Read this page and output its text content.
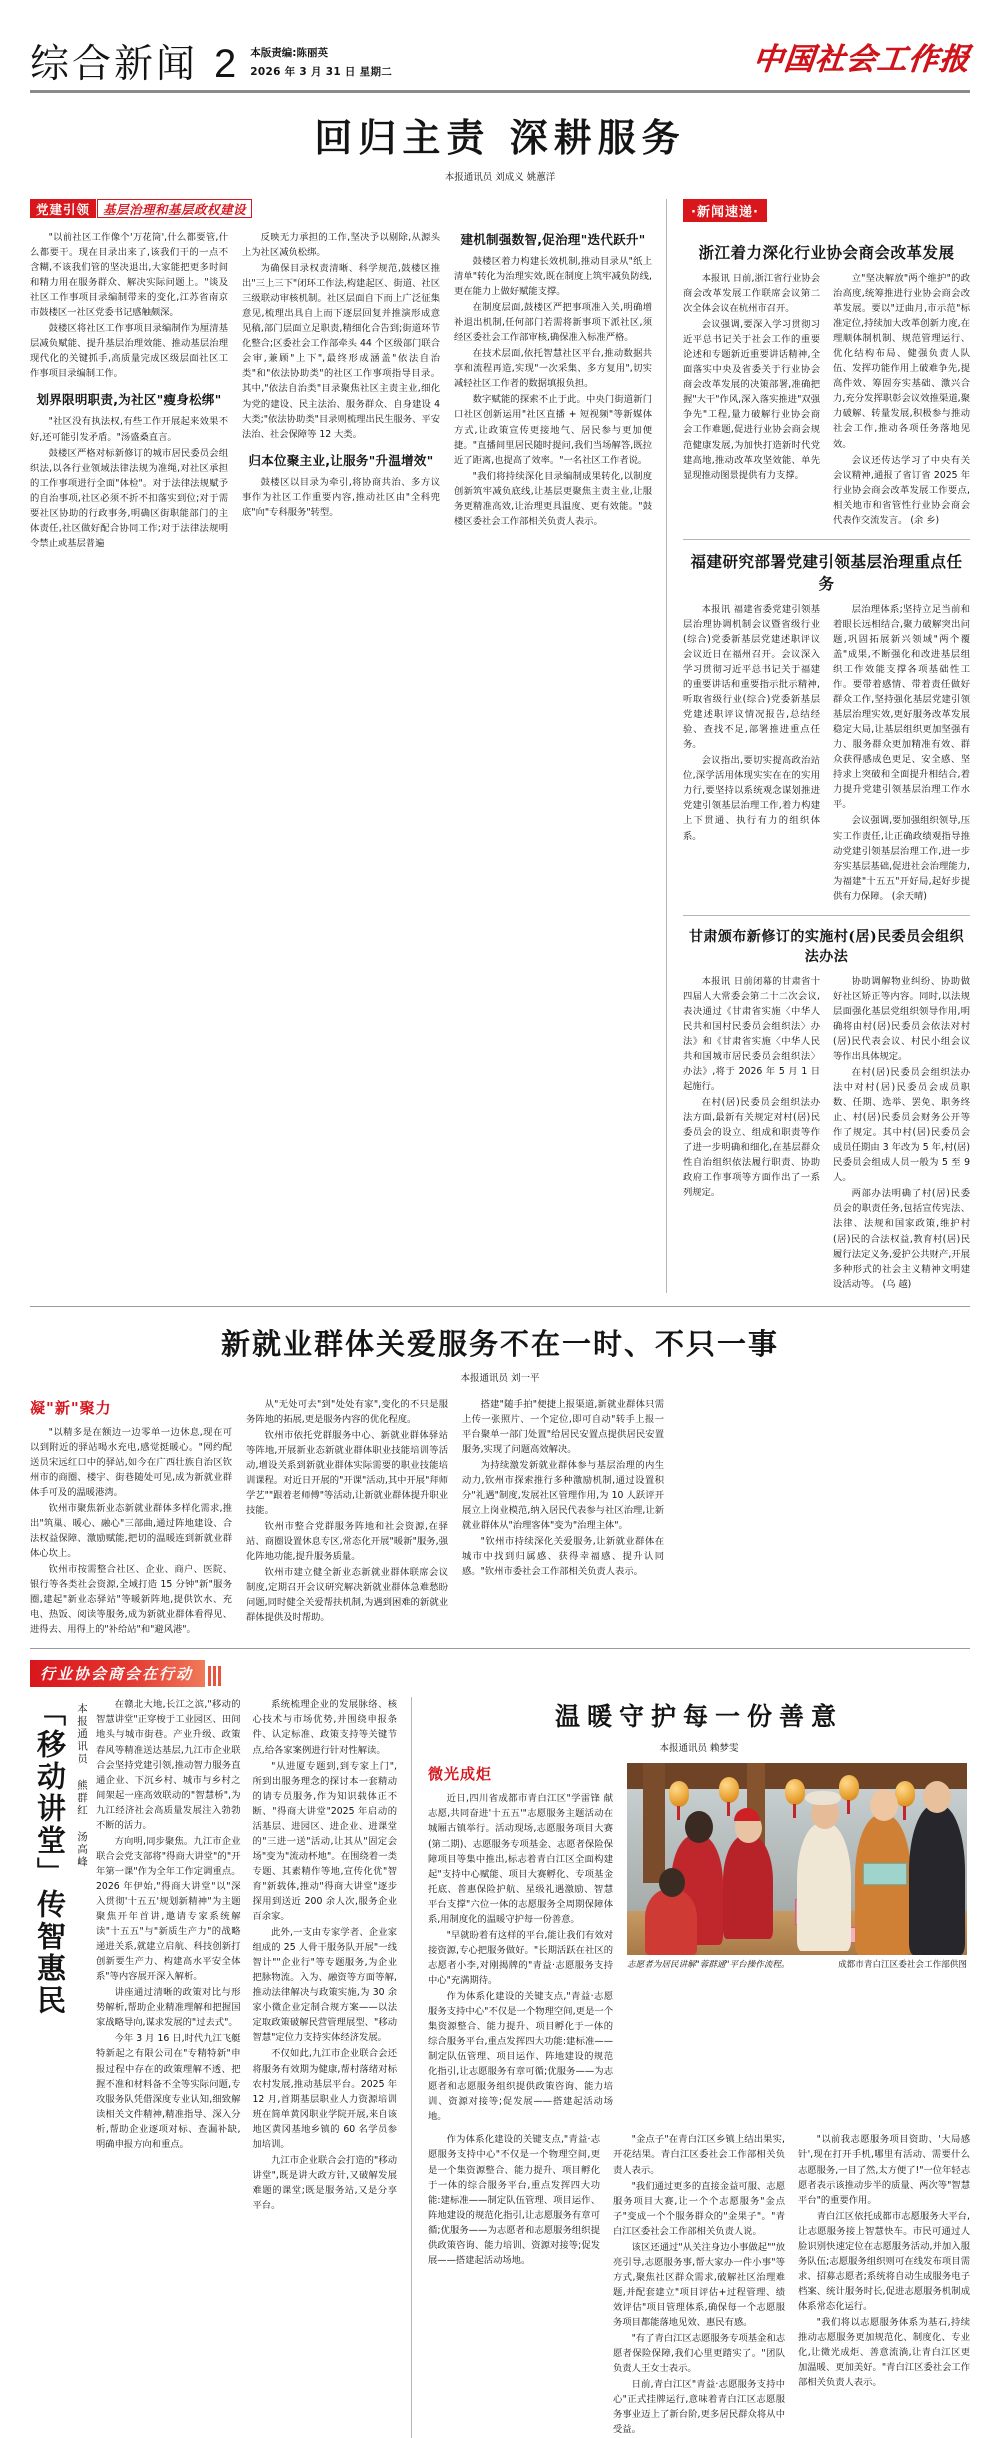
综合新闻 2 本版责编:陈丽英
2026 年 3 月 31 日 星期二	中国社会工作报
回归主责 深耕服务
本报通讯员 刘成义 姚蕙洋
党建引领	基层治理和基层政权建设

"以前社区工作像个'万花筒',什么都要管,什么都要干。现在目录出来了,该我们干的一点不含糊,不该我们管的坚决退出,大家能把更多时间和精力用在服务群众、解决实际问题上。"谈及社区工作事项目录编制带来的变化,江苏省南京市鼓楼区一社区党委书记感触颇深。

鼓楼区将社区工作事项目录编制作为厘清基层减负赋能、提升基层治理效能、推动基层治理现代化的关键抓手,高质量完成区级层面社区工作事项目录编制工作。

划界限明职责,为社区"瘦身松绑"

"社区没有执法权,有些工作开展起来效果不好,还可能引发矛盾。"汤盛桑直言。

鼓楼区严格对标新修订的城市居民委员会组织法,以各行业领域法律法规为准绳,对社区承担的工作事项进行全面"体检"。对于法律法规赋予的自治事项,社区必须不折不扣落实到位;对于需要社区协助的行政事务,明确区街职能部门的主体责任,社区做好配合协同工作;对于法律法规明令禁止或基层普遍

反映无力承担的工作,坚决予以剔除,从源头上为社区减负松绑。

为确保目录权责清晰、科学规范,鼓楼区推出"三上三下"闭环工作法,构建起区、街道、社区三级联动审核机制。社区层面自下而上广泛征集意见,梳理出具自上而下逐层回复并推演形成意见稿,部门层面立足职责,精细化合告到;街道环节化整合;区委社会工作部牵头 44 个区级部门联合会审,兼顾"上下",最终形成涵盖"依法自治类"和"依法协助类"的社区工作事项指导目录。其中,"依法自治类"目录聚焦社区主责主业,细化为党的建设、民主法治、服务群众、自身建设 4 大类;"依法协助类"目录则梳理出民生服务、平安法治、社会保障等 12 大类。

归本位聚主业,让服务"升温增效"

鼓楼区以目录为牵引,将协商共治、多方议事作为社区工作重要内容,推动社区由"全科兜底"向"专科服务"转型。

建机制强数智,促治理"迭代跃升"

鼓楼区着力构建长效机制,推动目录从"纸上清单"转化为治理实效,既在制度上筑牢减负防线,更在能力上做好赋能支撑。

在制度层面,鼓楼区严把事项准入关,明确增补退出机制,任何部门若需将新事项下派社区,须经区委社会工作部审核,确保准入标准严格。

在技术层面,依托智慧社区平台,推动数据共享和流程再造,实现"一次采集、多方复用",切实减轻社区工作者的数据填报负担。

数字赋能的探索不止于此。中央门街道新门口社区创新运用"社区直播 + 短视频"等新媒体方式,让政策宣传更接地气、居民参与更加便捷。"直播间里居民随时提问,我们当场解答,既拉近了距离,也提高了效率。"一名社区工作者说。

"我们将持续深化目录编制成果转化,以制度创新筑牢减负底线,让基层更聚焦主责主业,让服务更精准高效,让治理更具温度、更有效能。"鼓楼区委社会工作部相关负责人表示。

·新闻速递·
浙江着力深化行业协会商会改革发展

本报讯 日前,浙江省行业协会商会改革发展工作联席会议第二次全体会议在杭州市召开。

会议强调,要深入学习贯彻习近平总书记关于社会工作的重要论述和专题新近重要讲话精神,全面落实中央及省委关于行业协会商会改革发展的决策部署,准确把握"大干"作风,深入落实推进"双强争先"工程,量力破解行业协会商会工作难题,促进行业协会商会规范健康发展,为加快打造新时代党建高地,推动改革攻坚效能、单先显现推动图景提供有力支撑。

立"坚决解放"两个维护"的政治高度,统筹推进行业协会商会改革发展。要以"迂曲月,市示范"标准定位,持续加大改革创新力度,在理顺体制机制、规范管理运行、优化结构布局、健强负责人队伍、发挥功能作用上破难争先,提高件效、筹固夯实基础、激兴合力,充分发挥职彰会议效推渠道,聚力破解、转量发展,积极参与推动社会工作,推动各项任务落地见效。

会议还传达学习了中央有关会议精神,通报了省订省 2025 年行业协会商会改革发展工作要点,相关地市和省管性行业协会商会代表作交流发言。 (余 乡)

福建研究部署党建引领基层治理重点任务

本报讯 福建省委党建引领基层治理协调机制会议暨省级行业(综合)党委新基层党建述职评议会议近日在福州召开。会议深入学习贯彻习近平总书记关于福建的重要讲话和重要指示批示精神,听取省级行业(综合)党委新基层党建述职评议情况报告,总结经验、查找不足,部署推进重点任务。

会议指出,要切实提高政治站位,深学活用体现实实在在的实用力行,要坚持以系统观念谋划推进党建引领基层治理工作,着力构建上下贯通、执行有力的组织体系。

层治理体系;坚持立足当前和着眼长远相结合,聚力破解突出问题,巩固拓展新兴领域"两个覆盖"成果,不断强化和改进基层组织工作效能支撑各项基础性工作。要带着感情、带着责任做好群众工作,坚持强化基层党建引领基层治理实效,更好服务改革发展稳定大局,让基层组织更加坚强有力、服务群众更加精准有效、群众获得感成色更足、安全感、坚持求上突破和全面提升相结合,着力提升党建引领基层治理工作水平。

会议强调,要加强组织领导,压实工作责任,让正确政绩观指导推动党建引领基层治理工作,进一步夯实基层基础,促进社会治理能力,为福建"十五五"开好局,起好步提供有力保障。 (余天晴)

甘肃颁布新修订的实施村(居)民委员会组织法办法

本报讯 日前闭幕的甘肃省十四届人大常委会第二十二次会议,表决通过《甘肃省实施〈中华人民共和国村民委员会组织法〉办法》和《甘肃省实施〈中华人民共和国城市居民委员会组织法〉办法》,将于 2026 年 5 月 1 日起施行。

在村(居)民委员会组织法办法方面,最新有关规定对村(居)民委员会的设立、组成和职责等作了进一步明确和细化,在基层群众性自治组织依法履行职责、协助政府工作事项等方面作出了一系列规定。

协助调解物业纠纷、协助做好社区矫正等内容。同时,以法规层面强化基层党组织领导作用,明确将由村(居)民委员会依法对村(居)民代表会议、村民小组会议等作出具体规定。

在村(居)民委员会组织法办法中对村(居)民委员会成员职数、任期、选举、罢免、职务终止、村(居)民委员会财务公开等作了规定。其中村(居)民委员会成员任期由 3 年改为 5 年,村(居)民委员会组成人员一般为 5 至 9 人。

两部办法明确了村(居)民委员会的职责任务,包括宣传宪法、法律、法规和国家政策,维护村(居)民的合法权益,教育村(居)民履行法定义务,爱护公共财产,开展多种形式的社会主义精神文明建设活动等。 (乌 越)

新就业群体关爱服务不在一时、不只一事
本报通讯员 刘一平
凝"新"聚力

"以精多是在额边一边零单一边休息,现在可以到附近的驿站喝水充电,感觉挺暖心。"网约配送员宋远红口中的驿站,如今在广西壮族自治区钦州市的商圈、楼宇、街巷随处可见,成为新就业群体手可及的温暖港湾。

钦州市聚焦新业态新就业群体多样化需求,推出"筑巢、暖心、融心"三部曲,通过阵地建设、合法权益保障、激励赋能,把切的温暖连到新就业群体心坎上。

钦州市按需整合社区、企业、商户、医院、银行等各类社会资源,全域打造 15 分钟"新"服务圈,建起"新业态驿站"等暖新阵地,提供饮水、充电、热饭、阅读等服务,成为新就业群体看得见、进得去、用得上的"补给站"和"避风港"。

从"无处可去"到"处处有家",变化的不只是服务阵地的拓展,更是服务内容的优化程度。

钦州市依托党群服务中心、新就业群体驿站等阵地,开展新业态新就业群体职业技能培训等活动,增设关系到新就业群体实际需要的职业技能培训课程。对近日开展的"开课"活动,其中开展"拜师学艺""跟着老师傅"等活动,让新就业群体提升职业技能。

钦州市整合党群服务阵地和社会资源,在驿站、商圈设置休息专区,常态化开展"暖新"服务,强化阵地功能,提升服务质量。

钦州市建立健全新业态新就业群体联席会议制度,定期召开会议研究解决新就业群体急难愁盼问题,同时健全关爱帮扶机制,为遇到困难的新就业群体提供及时帮助。

搭建"随手拍"便捷上报渠道,新就业群体只需上传一张照片、一个定位,即可自动"转手上报一平台聚单一部门处置"给居民安置点提供居民安置服务,实现了问题高效解决。

为持续激发新就业群体参与基层治理的内生动力,钦州市探索推行多种激励机制,通过设置积分"礼遇"制度,发展社区管理作用,为 10 人跃评开展立上岗业模范,纳入居民代表参与社区治理,让新就业群体从"治理客体"变为"治理主体"。

"钦州市持续深化关爱服务,让新就业群体在城市中找到归属感、获得幸福感、提升认同感。"钦州市委社会工作部相关负责人表示。

行业协会商会在行动
「移动讲堂」传智惠民 本报通讯员 熊群红 汤高峰	在赣北大地,长江之滨,"移动的智慧讲堂"正穿梭于工业园区、田间地头与城市街巷。产业升级、政策春风等精准送达基层,九江市企业联合会坚持党建引领,推动智力服务直通企业、下沉乡村、城市与乡村之间架起一座高效联动的"智慧桥",为九江经济社会高质量发展注入勃勃不断的活力。

方向明,同步聚焦。九江市企业联合会党支部将"得商大讲堂"的"开年第一课"作为全年工作定调重点。2026 年伊始,"得商大讲堂"以"深入贯彻'十五五'规划新精神"为主题聚焦开年首讲,邀请专家系统解读"十五五"与"新质生产力"的战略递进关系,就建立启航、科技创新打创新要生产力、构建高水平安全体系"等内容展开深入解析。

讲座通过清晰的政策对比与形势解析,帮助企业精准理解和把握国家战略导向,谋求发展的"过去式"。

今年 3 月 16 日,时代九江飞艇特新起之有限公司在"专精特新"申报过程中存在的政策理解不透、把握不准和材料备不全等实际问题,专攻服务队凭借深度专业认知,细致解读相关文件精神,精准指导、深入分析,帮助企业逐项对标、查漏补缺,明确申报方向和重点。

系统梳理企业的发展脉络、核心技术与市场优势,并围绕申报条件、认定标准、政策支持等关键节点,给各家案例进行针对性解读。

"从进厦专题到,到专家上门",所到出服务理念的探讨本一套精动的请专员服务,作为知识载体正不断、"得商大讲堂"2025 年启动的活基层、进园区、进企业、进课堂的"三进一送"活动,让其从"固定会场"变为"流动杯地"。在围绕着一类专题、其素精作等地,宣传化优"智育"新载体,推动"得商大讲堂"逐步探用到送近 200 余人次,服务企业百余家。

此外,一支由专家学者、企业家组成的 25 人骨干服务队开展"一线智计""企业行"等专题服务,为企业把脉物流。入为、融资等方面等解,推动法律解决与政策实施,为 30 余家小微企业定制合规方案——以法定取政策破解民营管理展型、"移动智慧"定位力支持实体经济发展。

不仅如此,九江市企业联合会还将服务有效期为健康,帮村落绪对标农村发展,推动基层平台。2025 年 12 月,首期基层职业人力资源培训班在简单黄冈职业学院开展,来自该地区黄冈基地乡镇的 60 名学员参加培训。

九江市企业联合会打造的"移动讲堂",既是讲大政方针,又破解发展难题的课堂;既是服务站,又是分享平台。

温暖守护每一份善意
本报通讯员 赖梦雯
微光成炬

近日,四川省成都市青白江区"学雷锋 献志愿,共同奋进'十五五'"志愿服务主题活动在城厢古镇举行。活动现场,志愿服务项目大赛(第二期)、志愿服务专项基金、志愿者保险保障项目等集中推出,标志着青白江区全面构建起"支持中心赋能、项目大赛孵化、专项基金托底、普惠保险护航、星级礼遇激励、智慧平台支撑"六位一体的志愿服务全周期保障体系,用制度化的温暖守护每一份善意。

"早就盼着有这样的平台,能让我们有效对接资源,专心把服务做好。"长期活跃在社区的志愿者小李,对刚揭牌的"青益·志愿服务支持中心"充满期待。

作为体系化建设的关键支点,"青益·志愿服务支持中心"不仅是一个物理空间,更是一个集资源整合、能力提升、项目孵化于一体的综合服务平台,重点发挥四大功能:建标准——制定队伍管理、项目运作、阵地建设的规范化指引,让志愿服务有章可循;优服务——为志愿者和志愿服务组织提供政策咨询、能力培训、资源对接等;促发展——搭建起活动场地。

志愿者为居民讲解"蓉群通"平台操作流程。	成都市青白江区委社会工作部供图

作为体系化建设的关键支点,"青益·志愿服务支持中心"不仅是一个物理空间,更是一个集资源整合、能力提升、项目孵化于一体的综合服务平台,重点发挥四大功能:建标准——制定队伍管理、项目运作、阵地建设的规范化指引,让志愿服务有章可循;优服务——为志愿者和志愿服务组织提供政策咨询、能力培训、资源对接等;促发展——搭建起活动场地。

"金点子"在青白江区乡镇上结出果实,开花结果。青白江区委社会工作部相关负责人表示。

"我们通过更多的直接金益可服、志愿服务项目大赛,让一个个志愿服务"金点子"变成一个个服务群众的"金果子"。"青白江区委社会工作部相关负责人说。

该区还通过"从关注身边小事做起""放亮引导,志愿服务事,帮大家办一件小事"等方式,聚焦社区群众需求,破解社区治理难题,并配套建立"项目评估+过程管理、绩效评估"项目管理体系,确保每一个志愿服务项目都能落地见效、惠民有感。

"有了青白江区志愿服务专项基金和志愿者保险保障,我们心里更踏实了。"团队负责人王女士表示。

日前,青白江区"青益·志愿服务支持中心"正式挂牌运行,意味着青白江区志愿服务事业迈上了新台阶,更多居民群众将从中受益。

"以前我志愿服务项目资助、'大局感针',现在打开手机,哪里有活动、需要什么志愿服务,一目了然,太方便了!"一位年轻志愿者表示该推动步半的质量、两次等"智慧平台"的重要作用。

青白江区依托成都市志愿服务大平台,让志愿服务接上智慧快车。市民可通过人脸识别快速定位在志愿服务活动,并加入服务队伍;志愿服务组织则可在线发布项目需求、招募志愿者;系统将自动生成服务电子档案、统计服务时长,促进志愿服务机制成体系常态化运行。

"我们将以志愿服务体系为基石,持续推动志愿服务更加规范化、制度化、专业化,让微光成炬、善意流淌,让青白江区更加温暖、更加美好。"青白江区委社会工作部相关负责人表示。
